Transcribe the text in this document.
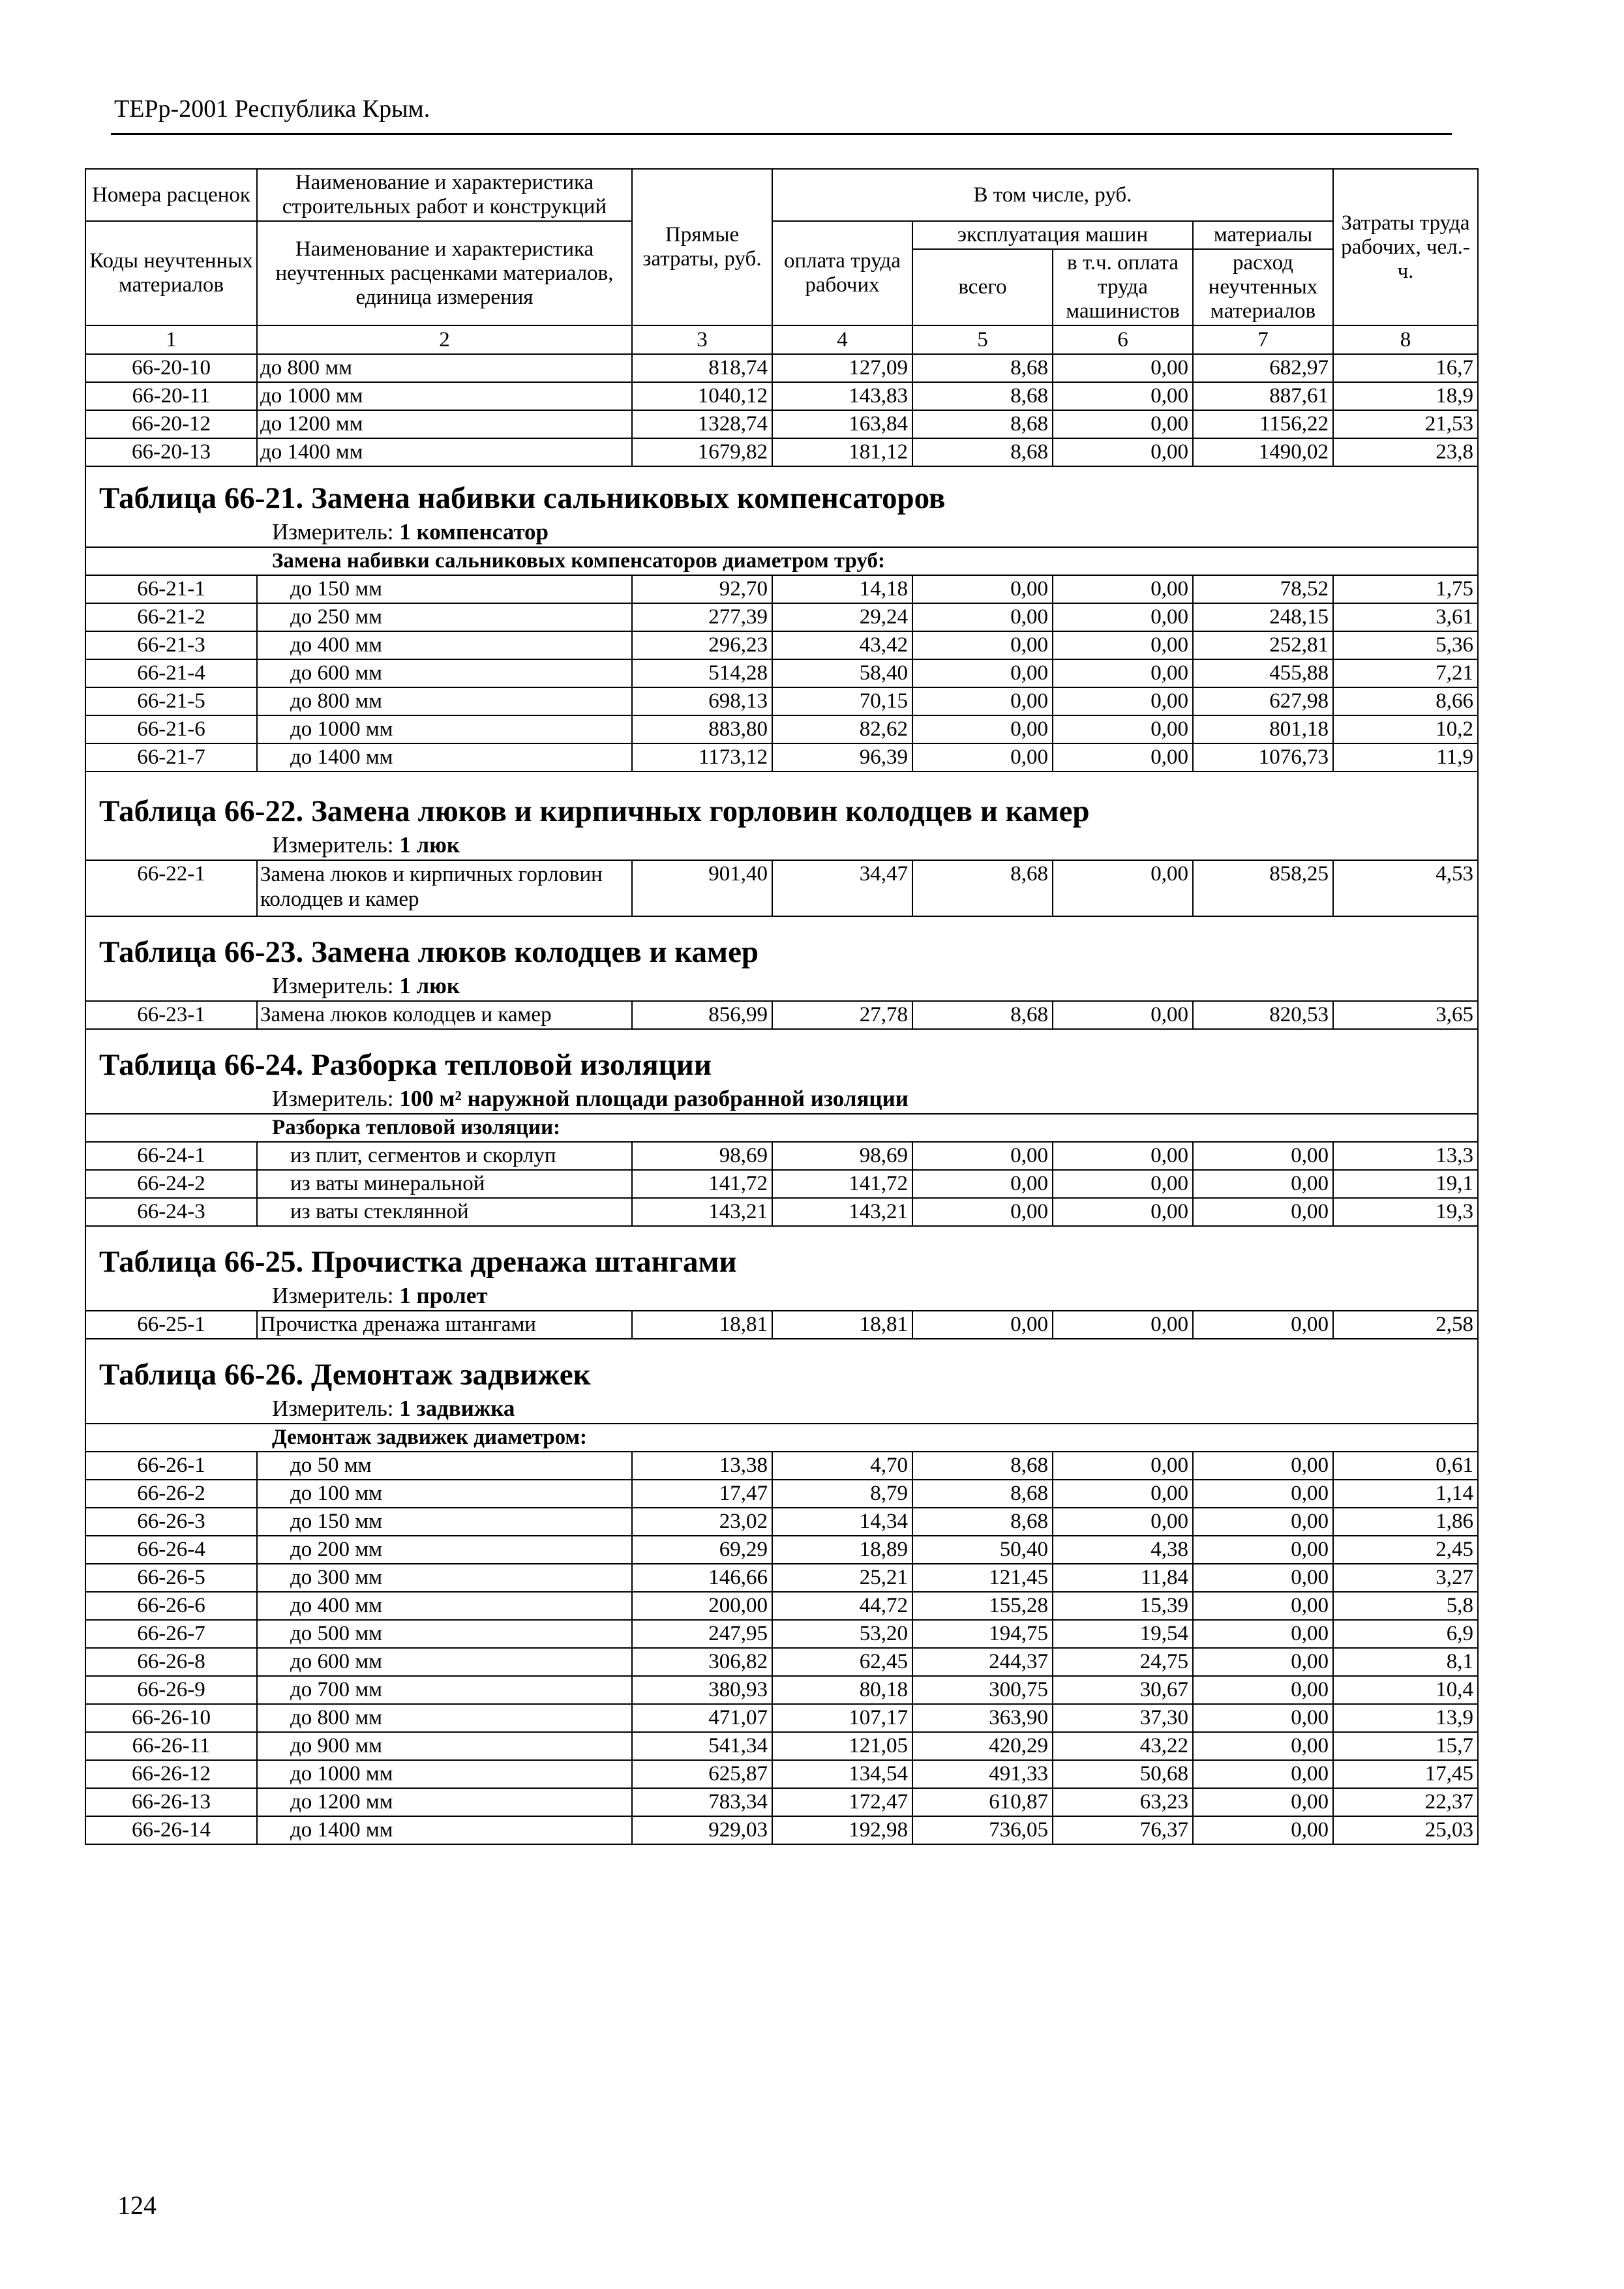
ТЕРр-2001 Республика Крым.
Номера расценок	Наименование и характеристика строительных работ и конструкций	Прямые затраты, руб.	В том числе, руб.				Затраты труда рабочих, чел.-ч.
Коды неучтенных материалов	Наименование и характеристика неучтенных расценками материалов, единица измерения		оплата труда рабочих	эксплуатация машин		материалы	
				всего	в т.ч. оплата труда машинистов	расход неучтенных материалов	
1	2	3	4	5	6	7	8
66-20-10	до 800 мм	818,74	127,09	8,68	0,00	682,97	16,7
66-20-11	до 1000 мм	1040,12	143,83	8,68	0,00	887,61	18,9
66-20-12	до 1200 мм	1328,74	163,84	8,68	0,00	1156,22	21,53
66-20-13	до 1400 мм	1679,82	181,12	8,68	0,00	1490,02	23,8

Таблица 66-21. Замена набивки сальниковых компенсаторов
Измеритель: 1 компенсатор							

Замена набивки сальниковых компенсаторов диаметром труб:							
66-21-1	до 150 мм	92,70	14,18	0,00	0,00	78,52	1,75
66-21-2	до 250 мм	277,39	29,24	0,00	0,00	248,15	3,61
66-21-3	до 400 мм	296,23	43,42	0,00	0,00	252,81	5,36
66-21-4	до 600 мм	514,28	58,40	0,00	0,00	455,88	7,21
66-21-5	до 800 мм	698,13	70,15	0,00	0,00	627,98	8,66
66-21-6	до 1000 мм	883,80	82,62	0,00	0,00	801,18	10,2
66-21-7	до 1400 мм	1173,12	96,39	0,00	0,00	1076,73	11,9

Таблица 66-22. Замена люков и кирпичных горловин колодцев и камер
Измеритель: 1 люк							

66-22-1	Замена люков и кирпичных горловин колодцев и камер	901,40	34,47	8,68	0,00	858,25	4,53

Таблица 66-23. Замена люков колодцев и камер
Измеритель: 1 люк							

66-23-1	Замена люков колодцев и камер	856,99	27,78	8,68	0,00	820,53	3,65

Таблица 66-24. Разборка тепловой изоляции
Измеритель: 100 м² наружной площади разобранной изоляции							

Разборка тепловой изоляции:							
66-24-1	из плит, сегментов и скорлуп	98,69	98,69	0,00	0,00	0,00	13,3
66-24-2	из ваты минеральной	141,72	141,72	0,00	0,00	0,00	19,1
66-24-3	из ваты стеклянной	143,21	143,21	0,00	0,00	0,00	19,3

Таблица 66-25. Прочистка дренажа штангами
Измеритель: 1 пролет							

66-25-1	Прочистка дренажа штангами	18,81	18,81	0,00	0,00	0,00	2,58

Таблица 66-26. Демонтаж задвижек
Измеритель: 1 задвижка							

Демонтаж задвижек диаметром:							
66-26-1	до 50 мм	13,38	4,70	8,68	0,00	0,00	0,61
66-26-2	до 100 мм	17,47	8,79	8,68	0,00	0,00	1,14
66-26-3	до 150 мм	23,02	14,34	8,68	0,00	0,00	1,86
66-26-4	до 200 мм	69,29	18,89	50,40	4,38	0,00	2,45
66-26-5	до 300 мм	146,66	25,21	121,45	11,84	0,00	3,27
66-26-6	до 400 мм	200,00	44,72	155,28	15,39	0,00	5,8
66-26-7	до 500 мм	247,95	53,20	194,75	19,54	0,00	6,9
66-26-8	до 600 мм	306,82	62,45	244,37	24,75	0,00	8,1
66-26-9	до 700 мм	380,93	80,18	300,75	30,67	0,00	10,4
66-26-10	до 800 мм	471,07	107,17	363,90	37,30	0,00	13,9
66-26-11	до 900 мм	541,34	121,05	420,29	43,22	0,00	15,7
66-26-12	до 1000 мм	625,87	134,54	491,33	50,68	0,00	17,45
66-26-13	до 1200 мм	783,34	172,47	610,87	63,23	0,00	22,37
66-26-14	до 1400 мм	929,03	192,98	736,05	76,37	0,00	25,03
124
